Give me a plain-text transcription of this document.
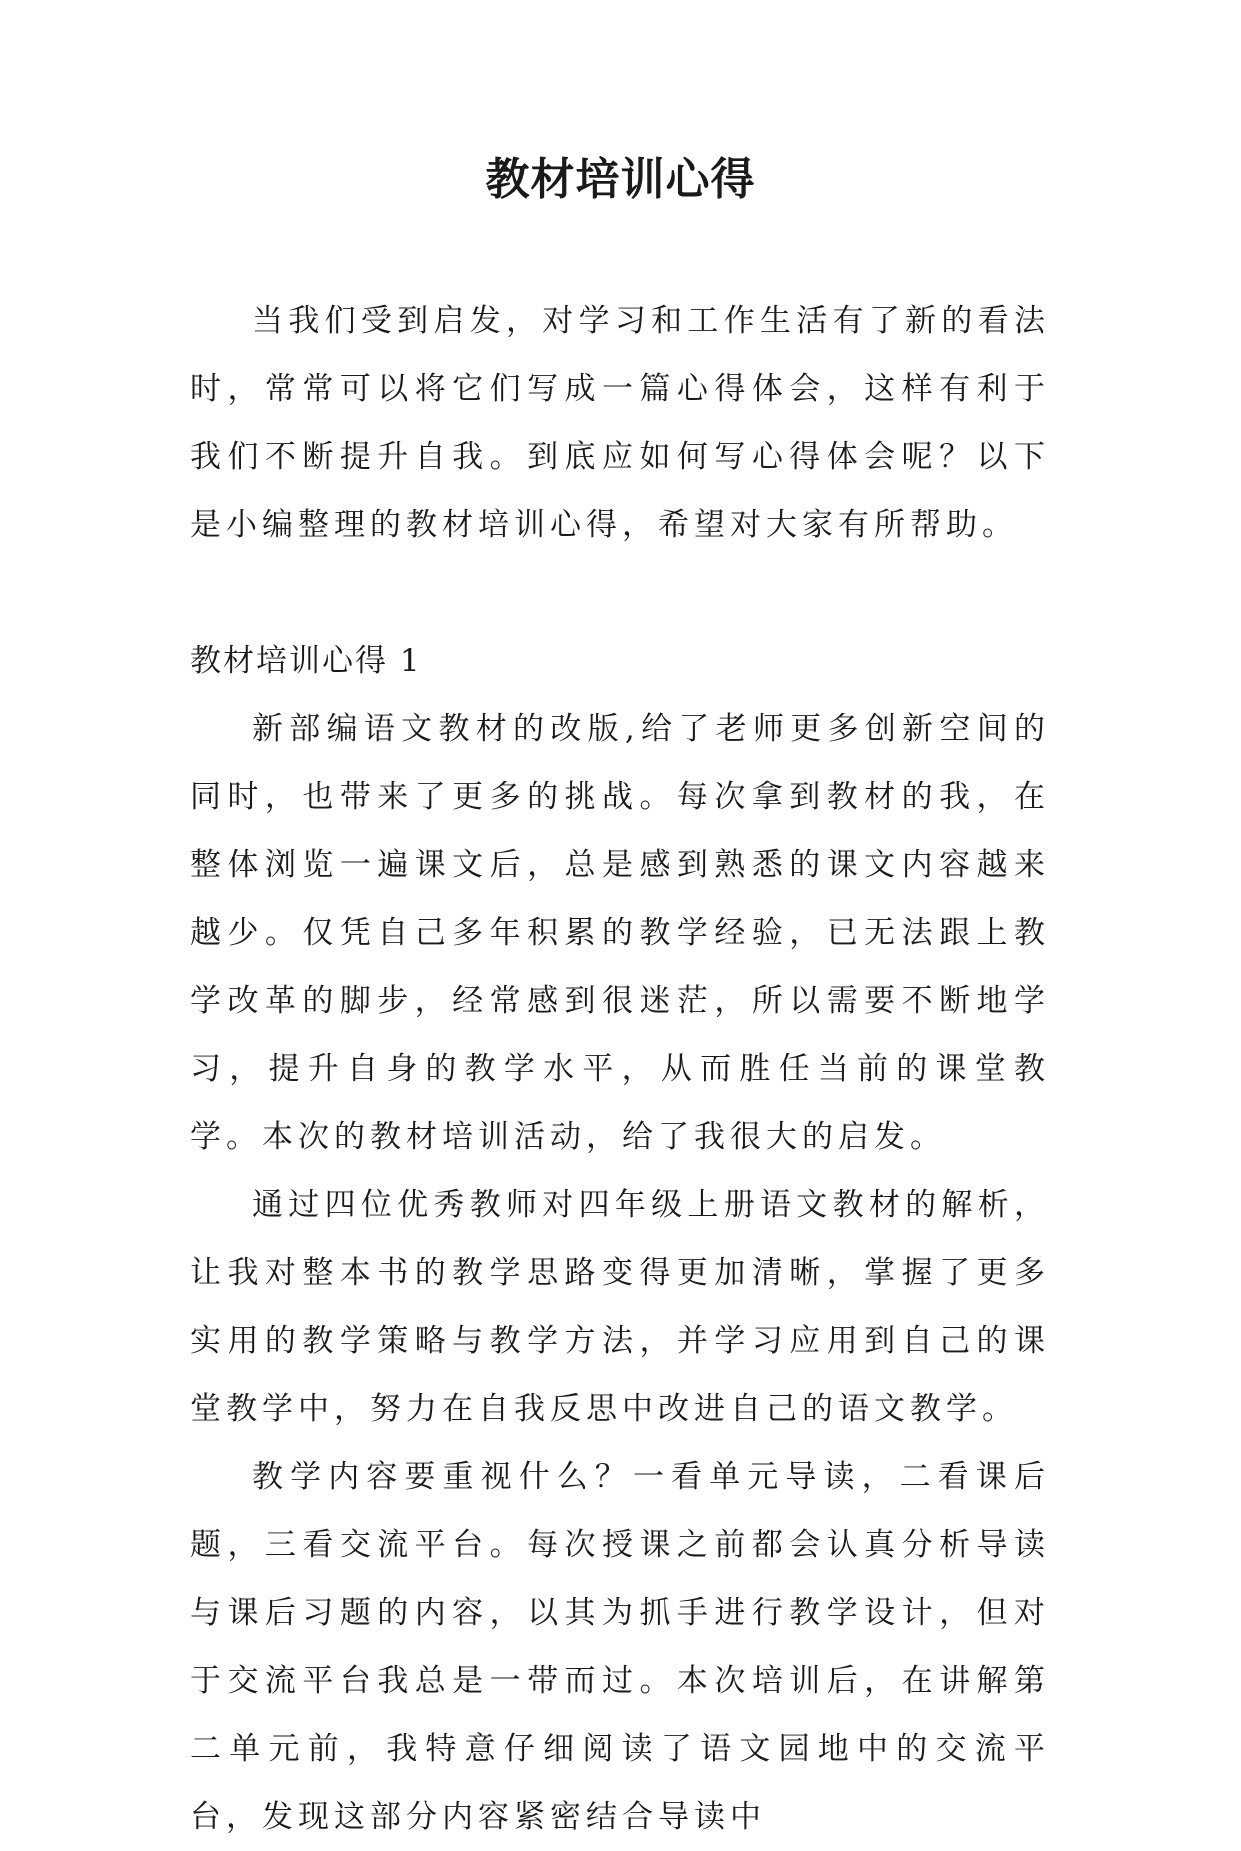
教材培训心得

当我们受到启发，对学习和工作生活有了新的看法时，常常可以将它们写成一篇心得体会，这样有利于我们不断提升自我。到底应如何写心得体会呢？以下是小编整理的教材培训心得，希望对大家有所帮助。

教材培训心得 1

新部编语文教材的改版,给了老师更多创新空间的同时，也带来了更多的挑战。每次拿到教材的我，在整体浏览一遍课文后，总是感到熟悉的课文内容越来越少。仅凭自己多年积累的教学经验，已无法跟上教学改革的脚步，经常感到很迷茫，所以需要不断地学习，提升自身的教学水平，从而胜任当前的课堂教学。本次的教材培训活动，给了我很大的启发。

通过四位优秀教师对四年级上册语文教材的解析，让我对整本书的教学思路变得更加清晰，掌握了更多实用的教学策略与教学方法，并学习应用到自己的课堂教学中，努力在自我反思中改进自己的语文教学。

教学内容要重视什么？一看单元导读，二看课后题，三看交流平台。每次授课之前都会认真分析导读与课后习题的内容，以其为抓手进行教学设计，但对于交流平台我总是一带而过。本次培训后，在讲解第二单元前，我特意仔细阅读了语文园地中的交流平台，发现这部分内容紧密结合导读中
